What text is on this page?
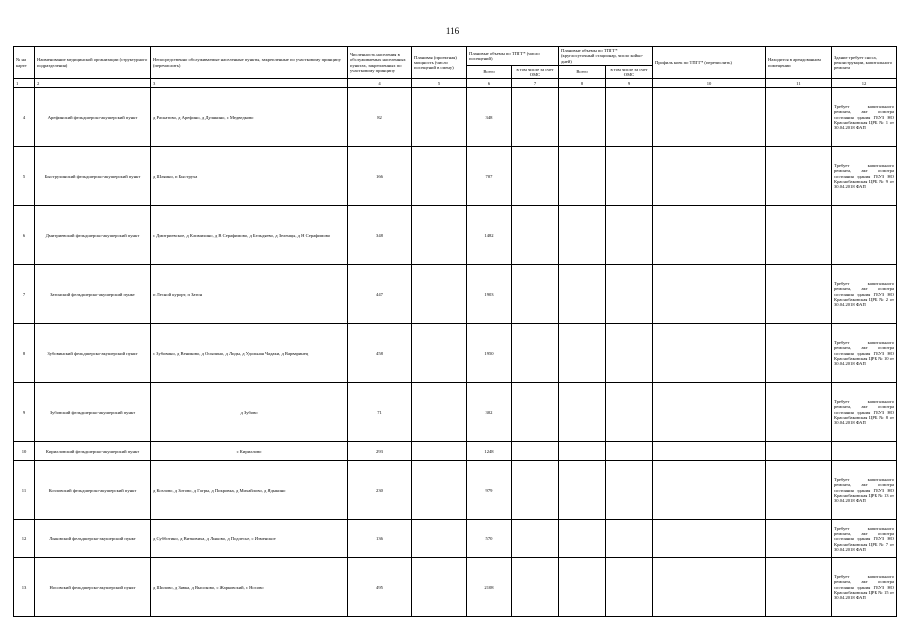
116
№ на карте	Наименование медицинской организации (структурного подразделения)	Непосредственно обслуживаемые населенные пункты, закрепленные по участковому принципу (перечислить)	Численность населения в обслуживаемых населенных пунктах, закрепленных по участковому принципу	Плановая (проектная) мощность (число посещений в смену)	Плановые объемы по ТПГГ* (число посещений)		Плановые объемы по ТПГГ* (круглосуточный стационар, число койко-дней)		Профиль коек по ТПГГ* (перечислить)	Находится в арендованном помещении	Здание требует сноса, реконструкции, капитального ремонта
					Всего	в том числе за счет ОМС	Всего	в том числе за счет ОМС			
1	2	3	4	5	6	7	8	9	10	11	12
4	Арефинский фельдшерско-акушерский пункт	д Раскатово, д Арефино, д Дулякино, с Медведково	82		348						Требует капитального ремонта, акт осмотра состояния здания ГБУЗ НО Краснобаковская ЦРБ № 1 от 30.04.2018 ФАП
5	Быструхинский фельдшерско-акушерский пункт	д Шляино, п Быструха	166		707						Требует капитального ремонта, акт осмотра состояния здания ГБУЗ НО Краснобаковская ЦРБ № 9 от 30.04.2018 ФАП
6	Дмитриевский фельдшерско-акушерский пункт	с Дмитриевское, д Климихино, д В Серафимово, д Бельдяево, д Зеленцы, д Н Серафимово	348		1482						
7	Затонский фельдшерско-акушерский пункт	п Лесной курорт, п Затон	447		1903						Требует капитального ремонта, акт осмотра состояния здания ГБУЗ НО Краснобаковская ЦРБ № 2 от 30.04.2018 ФАП
8	Зубовинский фельдшерско-акушерский пункт	с Зубовино, д Вениково, д Осыпино, д Лиды, д Удольная Чадаки, д Варваринец	458		1950						Требует капитального ремонта, акт осмотра состояния здания ГБУЗ НО Краснобаковская ЦРБ № 10 от 30.04.2018 ФАП
9	Зубовский фельдшерско-акушерский пункт	д Зубово	71		302						Требует капитального ремонта, акт осмотра состояния здания ГБУЗ НО Краснобаковская ЦРБ № 8 от 30.04.2018 ФАП
10	Кирилловский фельдшерско-акушерский пункт	с Кириллово	293		1248						
11	Козловский фельдшерско-акушерский пункт	д Козлово, д Зотово, д Гагры, д Покровка, д Михайлово, д Ядыкино	230		979						Требует капитального ремонта, акт осмотра состояния здания ГБУЗ НО Краснобаковская ЦРБ № 13 от 30.04.2018 ФАП
12	Лыковский фельдшерско-акушерский пункт	д Субботино, д Витковиха, д Лыково, д Подлесье, с Изменское	136		570						Требует капитального ремонта, акт осмотра состояния здания ГБУЗ НО Краснобаковская ЦРБ № 7 от 30.04.2018 ФАП
13	Носовский фельдшерско-акушерский пункт	д Шилово, д Зявка, д Высоково, с Жарковский, с Носово	495		2108						Требует капитального ремонта, акт осмотра состояния здания ГБУЗ НО Краснобаковская ЦРБ № 15 от 30.04.2018 ФАП
